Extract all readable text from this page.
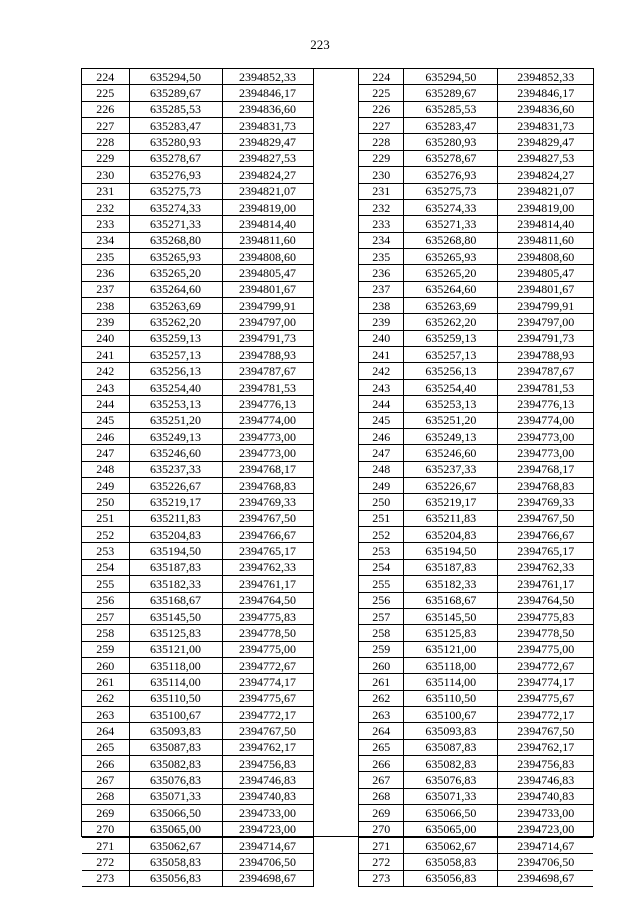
223
224	635294,50	2394852,33
225	635289,67	2394846,17
226	635285,53	2394836,60
227	635283,47	2394831,73
228	635280,93	2394829,47
229	635278,67	2394827,53
230	635276,93	2394824,27
231	635275,73	2394821,07
232	635274,33	2394819,00
233	635271,33	2394814,40
234	635268,80	2394811,60
235	635265,93	2394808,60
236	635265,20	2394805,47
237	635264,60	2394801,67
238	635263,69	2394799,91
239	635262,20	2394797,00
240	635259,13	2394791,73
241	635257,13	2394788,93
242	635256,13	2394787,67
243	635254,40	2394781,53
244	635253,13	2394776,13
245	635251,20	2394774,00
246	635249,13	2394773,00
247	635246,60	2394773,00
248	635237,33	2394768,17
249	635226,67	2394768,83
250	635219,17	2394769,33
251	635211,83	2394767,50
252	635204,83	2394766,67
253	635194,50	2394765,17
254	635187,83	2394762,33
255	635182,33	2394761,17
256	635168,67	2394764,50
257	635145,50	2394775,83
258	635125,83	2394778,50
259	635121,00	2394775,00
260	635118,00	2394772,67
261	635114,00	2394774,17
262	635110,50	2394775,67
263	635100,67	2394772,17
264	635093,83	2394767,50
265	635087,83	2394762,17
266	635082,83	2394756,83
267	635076,83	2394746,83
268	635071,33	2394740,83
269	635066,50	2394733,00
270	635065,00	2394723,00
271	635062,67	2394714,67
272	635058,83	2394706,50
273	635056,83	2394698,67
224	635294,50	2394852,33
225	635289,67	2394846,17
226	635285,53	2394836,60
227	635283,47	2394831,73
228	635280,93	2394829,47
229	635278,67	2394827,53
230	635276,93	2394824,27
231	635275,73	2394821,07
232	635274,33	2394819,00
233	635271,33	2394814,40
234	635268,80	2394811,60
235	635265,93	2394808,60
236	635265,20	2394805,47
237	635264,60	2394801,67
238	635263,69	2394799,91
239	635262,20	2394797,00
240	635259,13	2394791,73
241	635257,13	2394788,93
242	635256,13	2394787,67
243	635254,40	2394781,53
244	635253,13	2394776,13
245	635251,20	2394774,00
246	635249,13	2394773,00
247	635246,60	2394773,00
248	635237,33	2394768,17
249	635226,67	2394768,83
250	635219,17	2394769,33
251	635211,83	2394767,50
252	635204,83	2394766,67
253	635194,50	2394765,17
254	635187,83	2394762,33
255	635182,33	2394761,17
256	635168,67	2394764,50
257	635145,50	2394775,83
258	635125,83	2394778,50
259	635121,00	2394775,00
260	635118,00	2394772,67
261	635114,00	2394774,17
262	635110,50	2394775,67
263	635100,67	2394772,17
264	635093,83	2394767,50
265	635087,83	2394762,17
266	635082,83	2394756,83
267	635076,83	2394746,83
268	635071,33	2394740,83
269	635066,50	2394733,00
270	635065,00	2394723,00
271	635062,67	2394714,67
272	635058,83	2394706,50
273	635056,83	2394698,67
